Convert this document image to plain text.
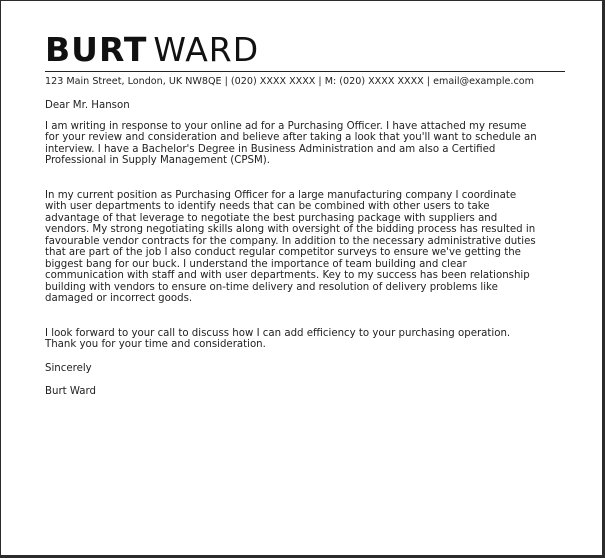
BURT WARD
123 Main Street, London, UK NW8QE | (020) XXXX XXXX | M: (020) XXXX XXXX | email@example.com
Dear Mr. Hanson
I am writing in response to your online ad for a Purchasing Officer. I have attached my resume
for your review and consideration and believe after taking a look that you'll want to schedule an
interview. I have a Bachelor's Degree in Business Administration and am also a Certified
Professional in Supply Management (CPSM).
In my current position as Purchasing Officer for a large manufacturing company I coordinate
with user departments to identify needs that can be combined with other users to take
advantage of that leverage to negotiate the best purchasing package with suppliers and
vendors. My strong negotiating skills along with oversight of the bidding process has resulted in
favourable vendor contracts for the company. In addition to the necessary administrative duties
that are part of the job I also conduct regular competitor surveys to ensure we've getting the
biggest bang for our buck. I understand the importance of team building and clear
communication with staff and with user departments. Key to my success has been relationship
building with vendors to ensure on-time delivery and resolution of delivery problems like
damaged or incorrect goods.
I look forward to your call to discuss how I can add efficiency to your purchasing operation.
Thank you for your time and consideration.
Sincerely
Burt Ward
